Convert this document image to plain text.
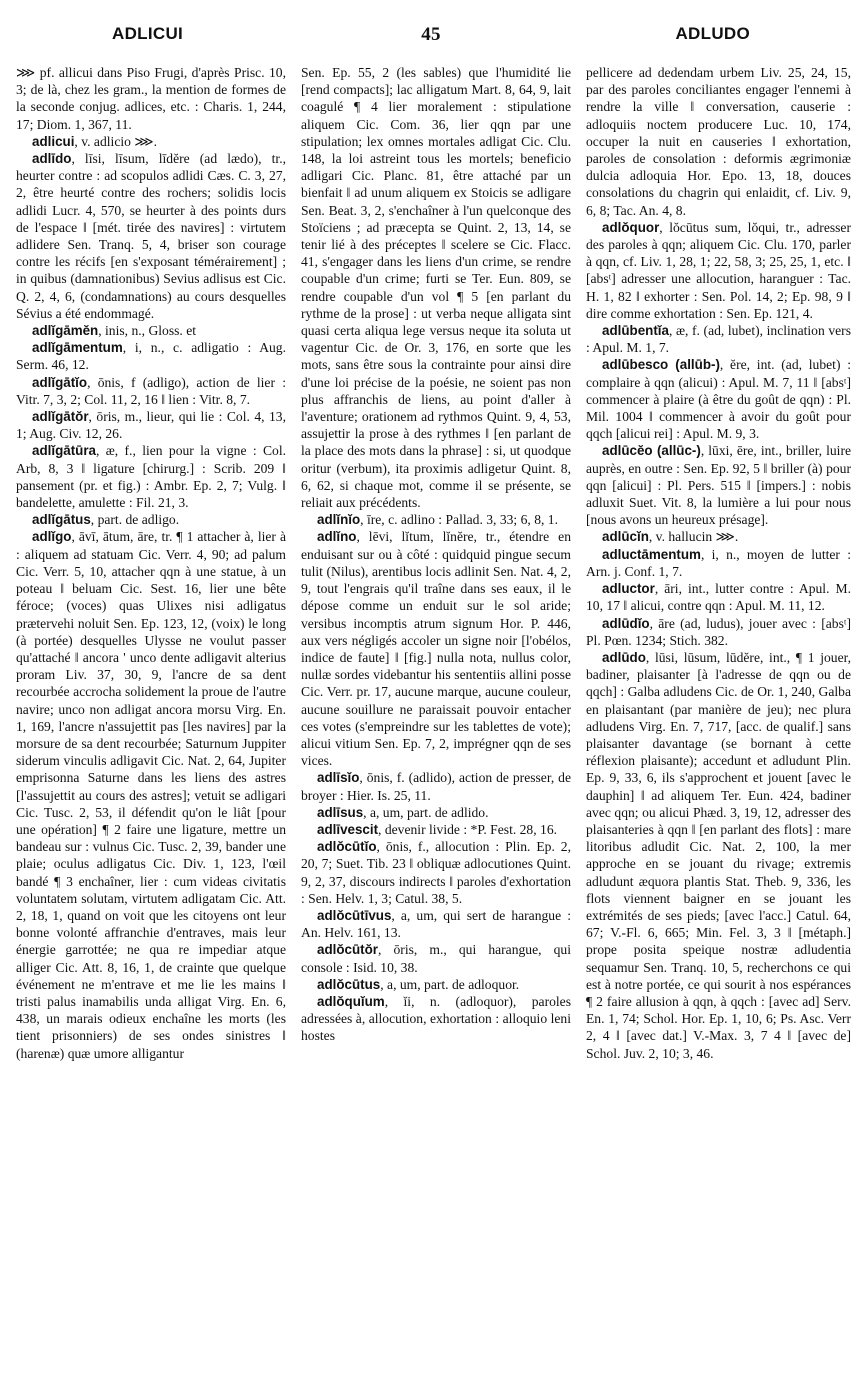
ADLICUI	45	ADLUDO

⋙ pf. allicui dans Piso Frugi, d'après Prisc. 10, 3; de là, chez les gram., la mention de formes de la seconde conjug. adlices, etc. : Charis. 1, 244, 17; Diom. 1, 367, 11.

adlicui, v. adlicio ⋙.

adlīdo, līsi, līsum, līdĕre (ad lædo), tr., heurter contre : ad scopulos adlidi Cæs. C. 3, 27, 2, être heurté contre des rochers; solidis locis adlidi Lucr. 4, 570, se heurter à des points durs de l'espace ‖ [mét. tirée des navires] : virtutem adlidere Sen. Tranq. 5, 4, briser son courage contre les récifs [en s'exposant témérairement] ; in quibus (damnationibus) Sevius adlisus est Cic. Q. 2, 4, 6, (condamnations) au cours desquelles Sévius a été endommagé.

adlĭgāmĕn, inis, n., Gloss. et

adlĭgāmentum, i, n., c. adligatio : Aug. Serm. 46, 12.

adlĭgātĭo, ōnis, f (adligo), action de lier : Vitr. 7, 3, 2; Col. 11, 2, 16 ‖ lien : Vitr. 8, 7.

adlĭgātŏr, ōris, m., lieur, qui lie : Col. 4, 13, 1; Aug. Civ. 12, 26.

adlĭgātūra, æ, f., lien pour la vigne : Col. Arb, 8, 3 ‖ ligature [chirurg.] : Scrib. 209 ‖ pansement (pr. et fig.) : Ambr. Ep. 2, 7; Vulg. ‖ bandelette, amulette : Fil. 21, 3.

adlĭgātus, part. de adligo.

adlĭgo, āvī, ātum, āre, tr. ¶ 1 attacher à, lier à : aliquem ad statuam Cic. Verr. 4, 90; ad palum Cic. Verr. 5, 10, attacher qqn à une statue, à un poteau ‖ beluam Cic. Sest. 16, lier une bête féroce; (voces) quas Ulixes nisi adligatus prætervehi noluit Sen. Ep. 123, 12, (voix) le long (à portée) desquelles Ulysse ne voulut passer qu'attaché ‖ ancora ' unco dente adligavit alterius proram Liv. 37, 30, 9, l'ancre de sa dent recourbée accrocha solidement la proue de l'autre navire; unco non adligat ancora morsu Virg. En. 1, 169, l'ancre n'assujettit pas [les navires] par la morsure de sa dent recourbée; Saturnum Juppiter siderum vinculis adligavit Cic. Nat. 2, 64, Jupiter emprisonna Saturne dans les liens des astres [l'assujettit au cours des astres]; vetuit se adligari Cic. Tusc. 2, 53, il défendit qu'on le liât [pour une opération] ¶ 2 faire une ligature, mettre un bandeau sur : vulnus Cic. Tusc. 2, 39, bander une plaie; oculus adligatus Cic. Div. 1, 123, l'œil bandé ¶ 3 enchaîner, lier : cum videas civitatis voluntatem solutam, virtutem adligatam Cic. Att. 2, 18, 1, quand on voit que les citoyens ont leur bonne volonté affranchie d'entraves, mais leur énergie garrottée; ne qua re impediar atque alliger Cic. Att. 8, 16, 1, de crainte que quelque événement ne m'entrave et me lie les mains ‖ tristi palus inamabilis unda alligat Virg. En. 6, 438, un marais odieux enchaîne les morts (les tient prisonniers) de ses ondes sinistres ‖ (harenæ) quæ umore alligantur

Sen. Ep. 55, 2 (les sables) que l'humidité lie [rend compacts]; lac alligatum Mart. 8, 64, 9, lait coagulé ¶ 4 lier moralement : stipulatione aliquem Cic. Com. 36, lier qqn par une stipulation; lex omnes mortales adligat Cic. Clu. 148, la loi astreint tous les mortels; beneficio adligari Cic. Planc. 81, être attaché par un bienfait ‖ ad unum aliquem ex Stoicis se adligare Sen. Beat. 3, 2, s'enchaîner à l'un quelconque des Stoïciens ; ad præcepta se Quint. 2, 13, 14, se tenir lié à des préceptes ‖ scelere se Cic. Flacc. 41, s'engager dans les liens d'un crime, se rendre coupable d'un crime; furti se Ter. Eun. 809, se rendre coupable d'un vol ¶ 5 [en parlant du rythme de la prose] : ut verba neque alligata sint quasi certa aliqua lege versus neque ita soluta ut vagentur Cic. de Or. 3, 176, en sorte que les mots, sans être sous la contrainte pour ainsi dire d'une loi précise de la poésie, ne soient pas non plus affranchis de liens, au point d'aller à l'aventure; orationem ad rythmos Quint. 9, 4, 53, assujettir la prose à des rythmes ‖ [en parlant de la place des mots dans la phrase] : si, ut quodque oritur (verbum), ita proximis adligetur Quint. 8, 6, 62, si chaque mot, comme il se présente, se reliait aux précédents.

adlĭnĭo, īre, c. adlino : Pallad. 3, 33; 6, 8, 1.

adlĭno, lēvi, lĭtum, lĭnĕre, tr., étendre en enduisant sur ou à côté : quidquid pingue secum tulit (Nilus), arentibus locis adlinit Sen. Nat. 4, 2, 9, tout l'engrais qu'il traîne dans ses eaux, il le dépose comme un enduit sur le sol aride; versibus incomptis atrum signum Hor. P. 446, aux vers négligés accoler un signe noir [l'obélos, indice de faute] ‖ [fig.] nulla nota, nullus color, nullæ sordes videbantur his sententiis allini posse Cic. Verr. pr. 17, aucune marque, aucune couleur, aucune souillure ne paraissait pouvoir entacher ces votes (s'empreindre sur les tablettes de vote); alicui vitium Sen. Ep. 7, 2, imprégner qqn de ses vices.

adlīsĭo, ōnis, f. (adlido), action de presser, de broyer : Hier. Is. 25, 11.

adlīsus, a, um, part. de adlido.

adlīvescit, devenir livide : *P. Fest. 28, 16.

adlŏcūtĭo, ōnis, f., allocution : Plin. Ep. 2, 20, 7; Suet. Tib. 23 ‖ obliquæ adlocutiones Quint. 9, 2, 37, discours indirects ‖ paroles d'exhortation : Sen. Helv. 1, 3; Catul. 38, 5.

adlŏcūtīvus, a, um, qui sert de harangue : An. Helv. 161, 13.

adlŏcūtŏr, ōris, m., qui harangue, qui console : Isid. 10, 38.

adlŏcūtus, a, um, part. de adloquor.

adlŏquĭum, ĭi, n. (adloquor), paroles adressées à, allocution, exhortation : alloquio leni hostes

pellicere ad dedendam urbem Liv. 25, 24, 15, par des paroles conciliantes engager l'ennemi à rendre la ville ‖ conversation, causerie : adloquiis noctem producere Luc. 10, 174, occuper la nuit en causeries ‖ exhortation, paroles de consolation : deformis ægrimoniæ dulcia adloquia Hor. Epo. 13, 18, douces consolations du chagrin qui enlaidit, cf. Liv. 9, 6, 8; Tac. An. 4, 8.

adlŏquor, lŏcūtus sum, lŏqui, tr., adresser des paroles à qqn; aliquem Cic. Clu. 170, parler à qqn, cf. Liv. 1, 28, 1; 22, 58, 3; 25, 25, 1, etc. ‖ [absᵗ] adresser une allocution, haranguer : Tac. H. 1, 82 ‖ exhorter : Sen. Pol. 14, 2; Ep. 98, 9 ‖ dire comme exhortation : Sen. Ep. 121, 4.

adlūbentĭa, æ, f. (ad, lubet), inclination vers : Apul. M. 1, 7.

adlūbesco (allūb-), ĕre, int. (ad, lubet) : complaire à qqn (alicui) : Apul. M. 7, 11 ‖ [absᵗ] commencer à plaire (à être du goût de qqn) : Pl. Mil. 1004 ‖ commencer à avoir du goût pour qqch [alicui rei] : Apul. M. 9, 3.

adlūcĕo (allūc-), lūxi, ēre, int., briller, luire auprès, en outre : Sen. Ep. 92, 5 ‖ briller (à) pour qqn [alicui] : Pl. Pers. 515 ‖ [impers.] : nobis adluxit Suet. Vit. 8, la lumière a lui pour nous [nous avons un heureux présage].

adlūcĭn, v. hallucin ⋙.

adluctāmentum, i, n., moyen de lutter : Arn. j. Conf. 1, 7.

adluctor, āri, int., lutter contre : Apul. M. 10, 17 ‖ alicui, contre qqn : Apul. M. 11, 12.

adlūdĭo, āre (ad, ludus), jouer avec : [absᵗ] Pl. Pœn. 1234; Stich. 382.

adlūdo, lūsi, lūsum, lūdĕre, int., ¶ 1 jouer, badiner, plaisanter [à l'adresse de qqn ou de qqch] : Galba adludens Cic. de Or. 1, 240, Galba en plaisantant (par manière de jeu); nec plura adludens Virg. En. 7, 717, [acc. de qualif.] sans plaisanter davantage (se bornant à cette réflexion plaisante); accedunt et adludunt Plin. Ep. 9, 33, 6, ils s'approchent et jouent [avec le dauphin] ‖ ad aliquem Ter. Eun. 424, badiner avec qqn; ou alicui Phæd. 3, 19, 12, adresser des plaisanteries à qqn ‖ [en parlant des flots] : mare litoribus adludit Cic. Nat. 2, 100, la mer approche en se jouant du rivage; extremis adludunt æquora plantis Stat. Theb. 9, 336, les flots viennent baigner en se jouant les extrémités de ses pieds; [avec l'acc.] Catul. 64, 67; V.-Fl. 6, 665; Min. Fel. 3, 3 ‖ [métaph.] prope posita speique nostræ adludentia sequamur Sen. Tranq. 10, 5, recherchons ce qui est à notre portée, ce qui sourit à nos espérances ¶ 2 faire allusion à qqn, à qqch : [avec ad] Serv. En. 1, 74; Schol. Hor. Ep. 1, 10, 6; Ps. Asc. Verr 2, 4 ‖ [avec dat.] V.-Max. 3, 7 4 ‖ [avec de] Schol. Juv. 2, 10; 3, 46.
